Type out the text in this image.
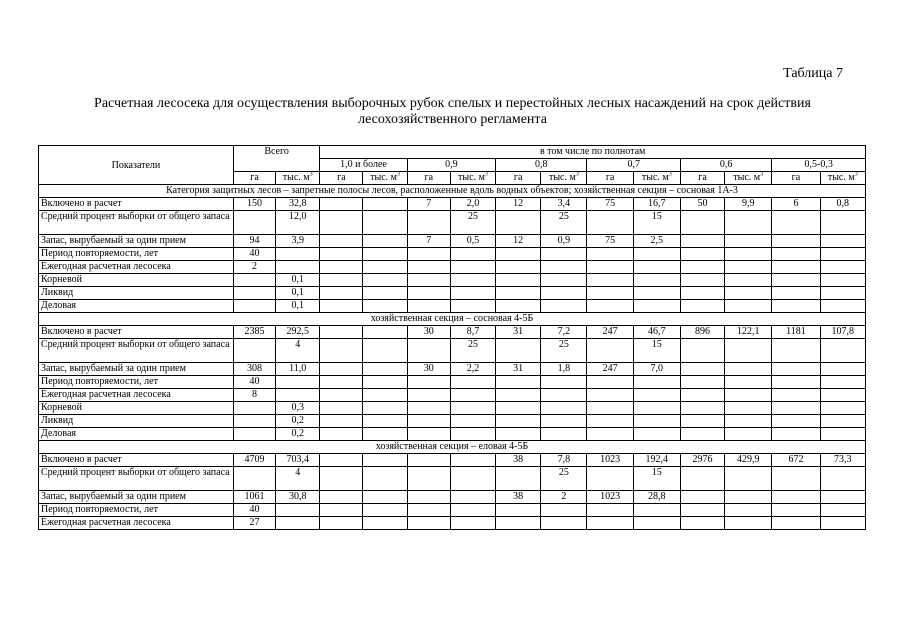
Таблица 7
Расчетная лесосека для осуществления выборочных рубок спелых и перестойных лесных насаждений на срок действия
лесохозяйственного регламента
Показатели	Всего		в том числе по полнотам											
			1,0 и более		0,9		0,8		0,7		0,6		0,5-0,3	
	га	тыс. $м^3$	га	тыс. $м^3$	га	тыс. $м^3$	га	тыс. $м^3$	га	тыс. $м^3$	га	тыс. $м^3$	га	тыс. $м^3$
Категория защитных лесов – запретные полосы лесов, расположенные вдоль водных объектов; хозяйственная секция – сосновая 1А-3														
Включено в расчет	150	32,8			7	2,0	12	3,4	75	16,7	50	9,9	6	0,8
Средний процент выборки от общего запаса		12,0				25		25		15				
Запас, вырубаемый за один прием	94	3,9			7	0,5	12	0,9	75	2,5				
Период повторяемости, лет	40													
Ежегодная расчетная лесосека	2													
Корневой		0,1												
Ликвид		0,1												
Деловая		0,1												
хозяйственная секция – сосновая 4-5Б														
Включено в расчет	2385	292,5			30	8,7	31	7,2	247	46,7	896	122,1	1181	107,8
Средний процент выборки от общего запаса		4				25		25		15				
Запас, вырубаемый за один прием	308	11,0			30	2,2	31	1,8	247	7,0				
Период повторяемости, лет	40													
Ежегодная расчетная лесосека	8													
Корневой		0,3												
Ликвид		0,2												
Деловая		0,2												
хозяйственная секция – еловая 4-5Б														
Включено в расчет	4709	703,4					38	7,8	1023	192,4	2976	429,9	672	73,3
Средний процент выборки от общего запаса		4						25		15				
Запас, вырубаемый за один прием	1061	30,8					38	2	1023	28,8				
Период повторяемости, лет	40													
Ежегодная расчетная лесосека	27													
